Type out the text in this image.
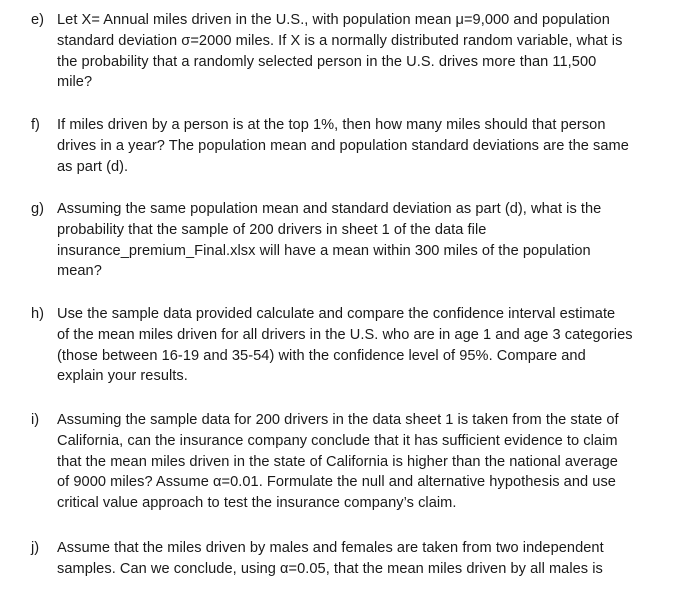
e) Let X= Annual miles driven in the U.S., with population mean μ=9,000 and population
standard deviation σ=2000 miles. If X is a normally distributed random variable, what is
the probability that a randomly selected person in the U.S. drives more than 11,500
mile?
f) If miles driven by a person is at the top 1%, then how many miles should that person
drives in a year? The population mean and population standard deviations are the same
as part (d).
g) Assuming the same population mean and standard deviation as part (d), what is the
probability that the sample of 200 drivers in sheet 1 of the data file
insurance_premium_Final.xlsx will have a mean within 300 miles of the population
mean?
h) Use the sample data provided calculate and compare the confidence interval estimate
of the mean miles driven for all drivers in the U.S. who are in age 1 and age 3 categories
(those between 16-19 and 35-54) with the confidence level of 95%. Compare and
explain your results.
i) Assuming the sample data for 200 drivers in the data sheet 1 is taken from the state of
California, can the insurance company conclude that it has sufficient evidence to claim
that the mean miles driven in the state of California is higher than the national average
of 9000 miles? Assume α=0.01. Formulate the null and alternative hypothesis and use
critical value approach to test the insurance company’s claim.
j) Assume that the miles driven by males and females are taken from two independent
samples. Can we conclude, using α=0.05, that the mean miles driven by all males is
